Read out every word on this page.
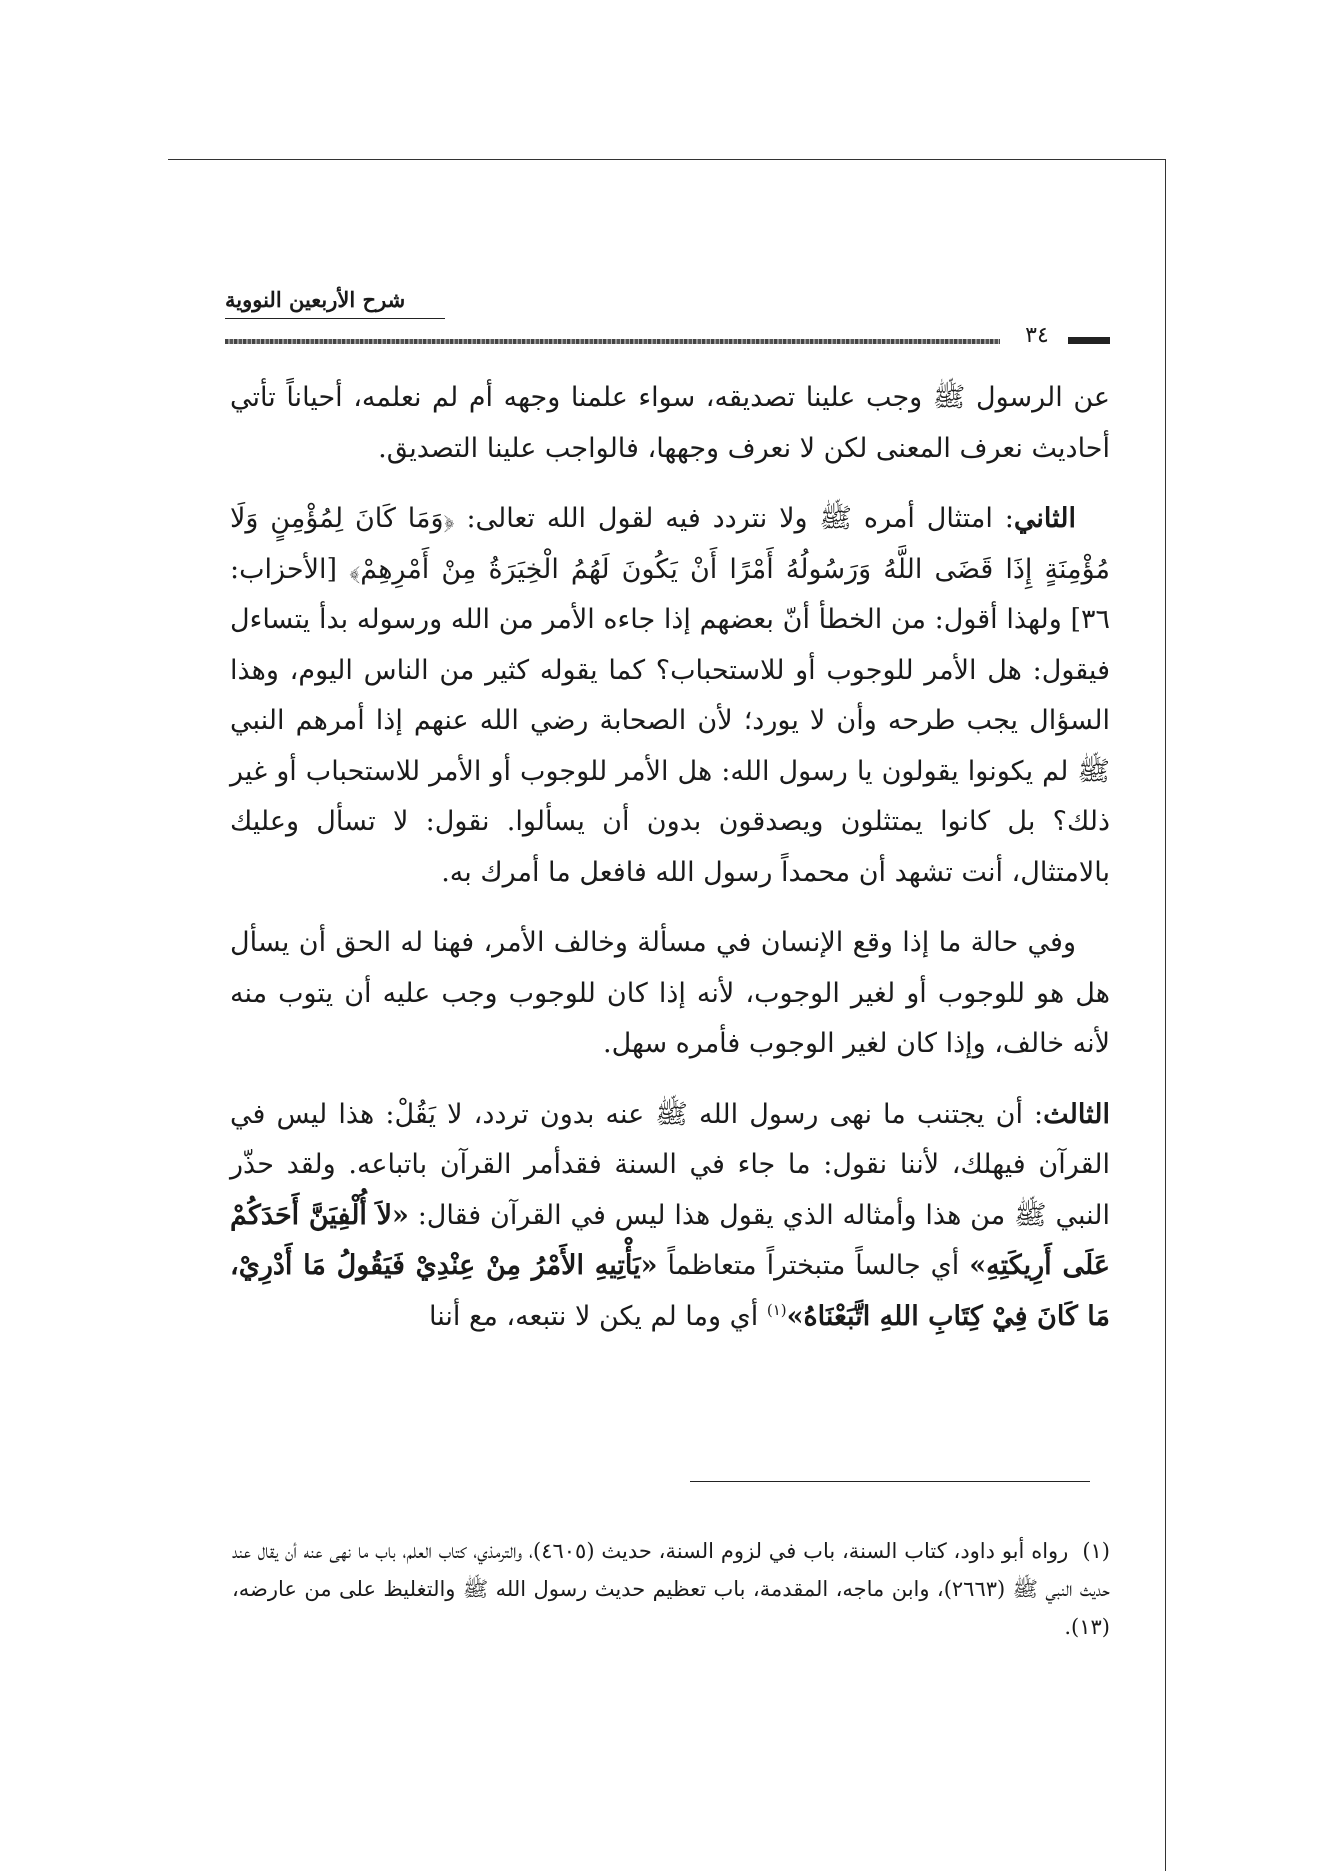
شرح الأربعين النووية
٣٤

عن الرسول ﷺ وجب علينا تصديقه، سواء علمنا وجهه أم لم نعلمه، أحياناً تأتي أحاديث نعرف المعنى لكن لا نعرف وجهها، فالواجب علينا التصديق.

الثاني: امتثال أمره ﷺ ولا نتردد فيه لقول الله تعالى: ﴿وَمَا كَانَ لِمُؤْمِنٍ وَلَا مُؤْمِنَةٍ إِذَا قَضَى اللَّهُ وَرَسُولُهُ أَمْرًا أَنْ يَكُونَ لَهُمُ الْخِيَرَةُ مِنْ أَمْرِهِمْ﴾ [الأحزاب: ٣٦] ولهذا أقول: من الخطأ أنّ بعضهم إذا جاءه الأمر من الله ورسوله بدأ يتساءل فيقول: هل الأمر للوجوب أو للاستحباب؟ كما يقوله كثير من الناس اليوم، وهذا السؤال يجب طرحه وأن لا يورد؛ لأن الصحابة رضي الله عنهم إذا أمرهم النبي ﷺ لم يكونوا يقولون يا رسول الله: هل الأمر للوجوب أو الأمر للاستحباب أو غير ذلك؟ بل كانوا يمتثلون ويصدقون بدون أن يسألوا. نقول: لا تسأل وعليك بالامتثال، أنت تشهد أن محمداً رسول الله فافعل ما أمرك به.

وفي حالة ما إذا وقع الإنسان في مسألة وخالف الأمر، فهنا له الحق أن يسأل هل هو للوجوب أو لغير الوجوب، لأنه إذا كان للوجوب وجب عليه أن يتوب منه لأنه خالف، وإذا كان لغير الوجوب فأمره سهل.

الثالث: أن يجتنب ما نهى رسول الله ﷺ عنه بدون تردد، لا يَقُلْ: هذا ليس في القرآن فيهلك، لأننا نقول: ما جاء في السنة فقدأمر القرآن باتباعه. ولقد حذّر النبي ﷺ من هذا وأمثاله الذي يقول هذا ليس في القرآن فقال: «لاَ أُلْفِيَنَّ أَحَدَكُمْ عَلَى أَرِيكَتِهِ» أي جالساً متبختراً متعاظماً «يَأْتِيهِ الأَمْرُ مِنْ عِنْدِيْ فَيَقُولُ مَا أَدْرِيْ، مَا كَانَ فِيْ كِتَابِ اللهِ اتَّبَعْنَاهُ»$^{(١)}$ أي وما لم يكن لا نتبعه، مع أننا

(١)رواه أبو داود، كتاب السنة، باب في لزوم السنة، حديث (٤٦٠٥)، والترمذي، كتاب العلم، باب ما نهى عنه أن يقال عند حديث النبي ﷺ (٢٦٦٣)، وابن ماجه، المقدمة، باب تعظيم حديث رسول الله ﷺ والتغليظ على من عارضه، (١٣).
